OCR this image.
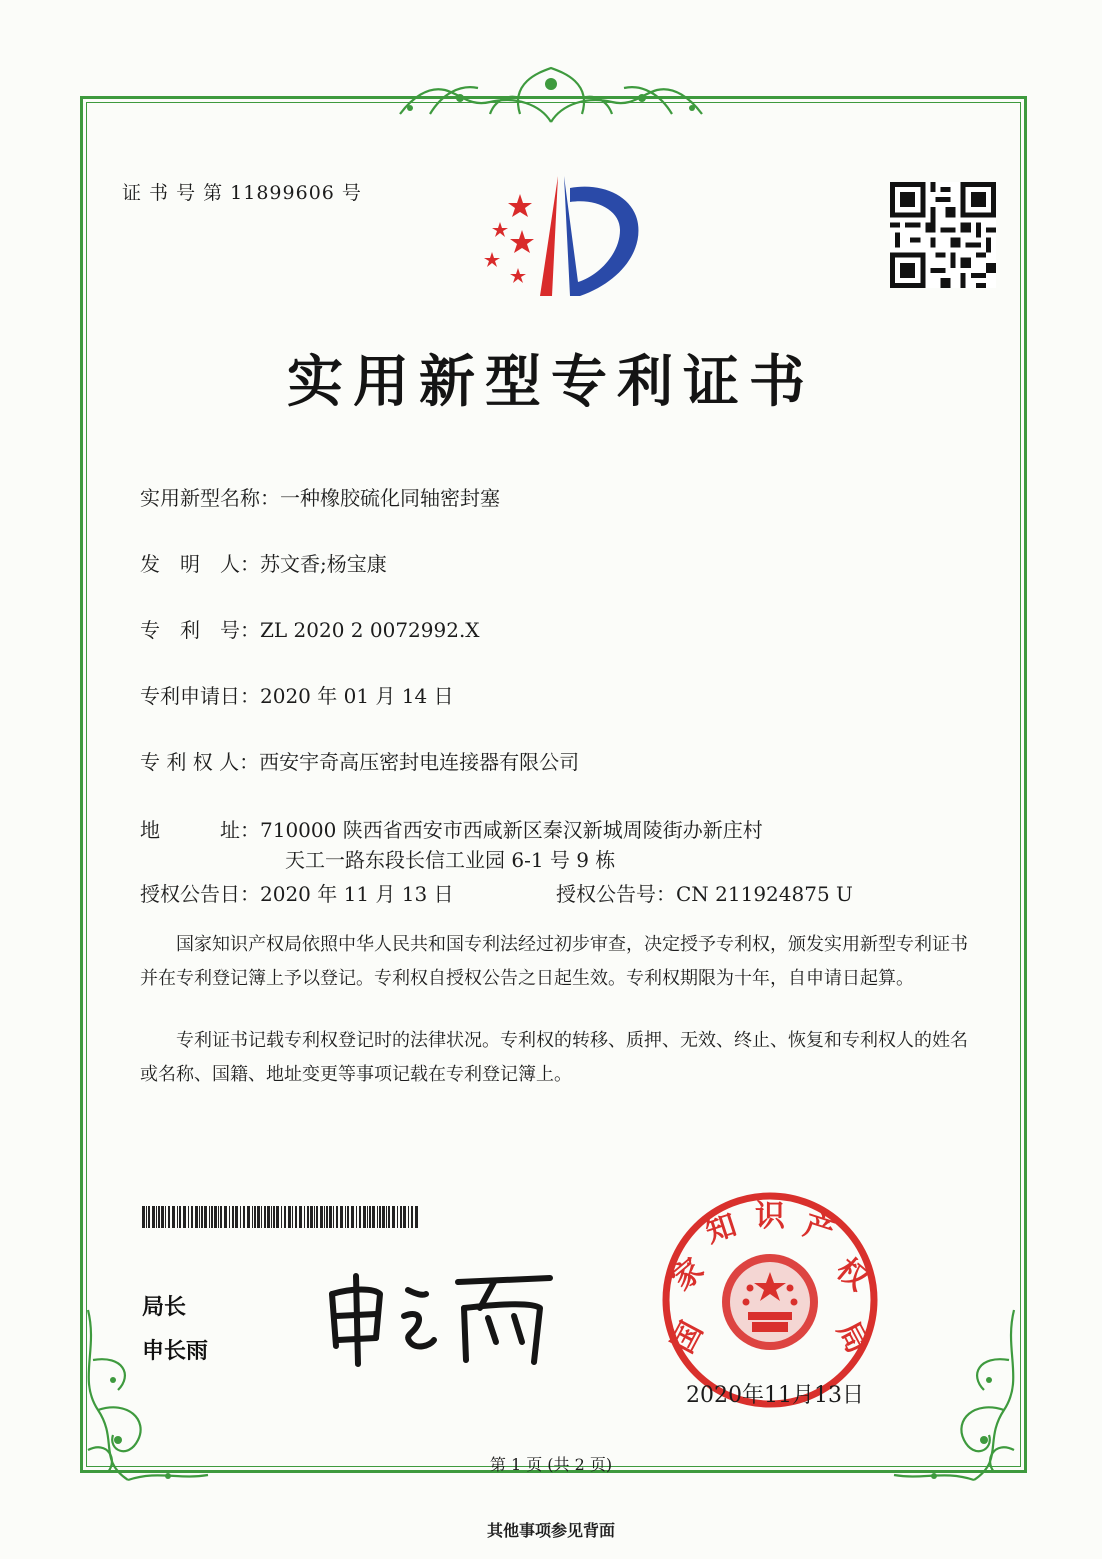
证 书 号 第 11899606 号
实用新型专利证书
实用新型名称：一种橡胶硫化同轴密封塞
发　明　人：苏文香;杨宝康
专　利　号：ZL 2020 2 0072992.X
专利申请日：2020 年 01 月 14 日
专 利 权 人：西安宇奇高压密封电连接器有限公司
地　　　址：710000 陕西省西安市西咸新区秦汉新城周陵街办新庄村
天工一路东段长信工业园 6-1 号 9 栋
授权公告日：2020 年 11 月 13 日	授权公告号：CN 211924875 U
国家知识产权局依照中华人民共和国专利法经过初步审查，决定授予专利权，颁发实用新型专利证书并在专利登记簿上予以登记。专利权自授权公告之日起生效。专利权期限为十年，自申请日起算。
专利证书记载专利权登记时的法律状况。专利权的转移、质押、无效、终止、恢复和专利权人的姓名或名称、国籍、地址变更等事项记载在专利登记簿上。
局长
申长雨	国
家
知 识 产
权
局
2020年11月13日
第 1 页 (共 2 页)
其他事项参见背面
